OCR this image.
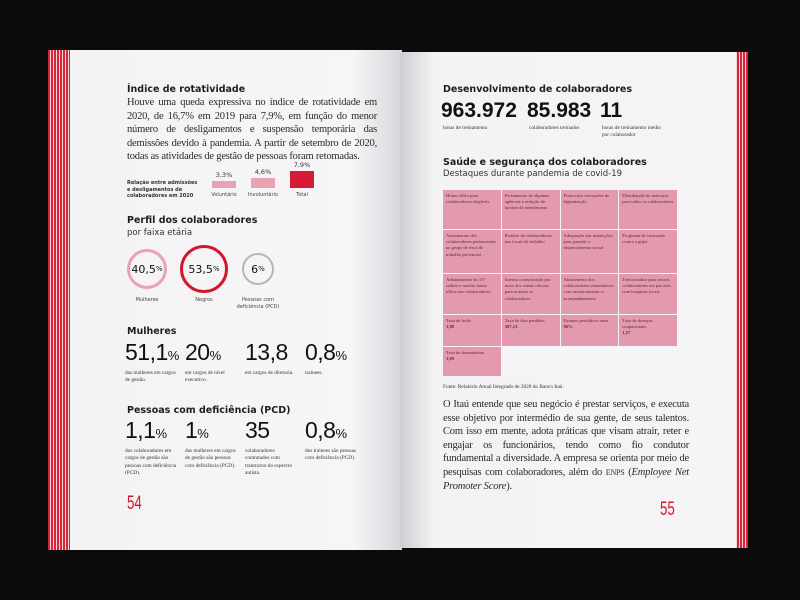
Índice de rotatividade

Houve uma queda expressiva no índice de rotatividade em 2020, de 16,7% em 2019 para 7,9%, em função do menor número de desligamentos e suspensão temporária das demissões devido à pandemia. A partir de setembro de 2020, todas as atividades de gestão de pessoas foram retomadas.

Relação entre admissões e desligamentos de colaboradores em 2020
Perfil dos colaboradores
por faixa etária
Mulheres
Pessoas com deficiência (PCD)
54
Desenvolvimento de colaboradores
Saúde e segurança dos colaboradores
Destaques durante pandemia de covid-19
Home office para colaboradores elegíveis
Fechamento de algumas agências e redução do horário de atendimento
Protocolos reforçados de higienização
Distribuição de máscaras para todos os colaboradores
Afastamento dos colaboradores pertencentes ao grupo de risco de trabalho presencial
Rodízio de colaboradores nos locais de trabalho
Adequação das instalações para garantir o distanciamento social
Programa de vacinação contra a gripe
Adiantamento do 13º salário e auxílio home office aos colaboradores
Intensa comunicação por meio dos canais oficiais para orientar os colaboradores
Afastamento dos colaboradores sintomáticos com monitoramento e acompanhamento
Teleconsultas para nossos colaboradores em parceria com hospitais locais
Taxa de lesão
1,88
Taxa de dias perdidos
307,13
Exames periódicos meta
96%
Taxa de doenças ocupacionais
1,57
Taxa de absenteísmo
1,69
Fonte: Relatório Anual Integrado de 2020 do Banco Itaú.

O Itaú entende que seu negócio é prestar serviços, e executa esse objetivo por intermédio de sua gente, de seus talentos. Com isso em mente, adota práticas que visam atrair, reter e engajar os funcionários, tendo como fio condutor fundamental a diversidade. A empresa se orienta por meio de pesquisas com colaboradores, além do ENPS (Employee Net Promoter Score).

55
3,3%
Voluntário
4,6%
Involuntário
7,9%
Total
40,5 %
Mulheres
53,5 %
Negros
6 %
Pessoas com deficiência (PCD)
51,1%
das mulheres em cargos de gestão.
20%
em cargos de nível executivo.
13,8
em cargos de diretoria.
0,8%
trainees.
1,1%
dos colaboradores em cargos de gestão são pessoas com deficiência (PCD).
1%
das mulheres em cargos de gestão são pessoas com deficiência (PCD).
35
colaboradores contratados com transtorno do espectro autista.
0,8%
dos trainees são pessoas com deficiência (PCD).
963.972
horas de treinamento
85.983
colaboradores treinados
11
horas de treinamento médio por colaborador
